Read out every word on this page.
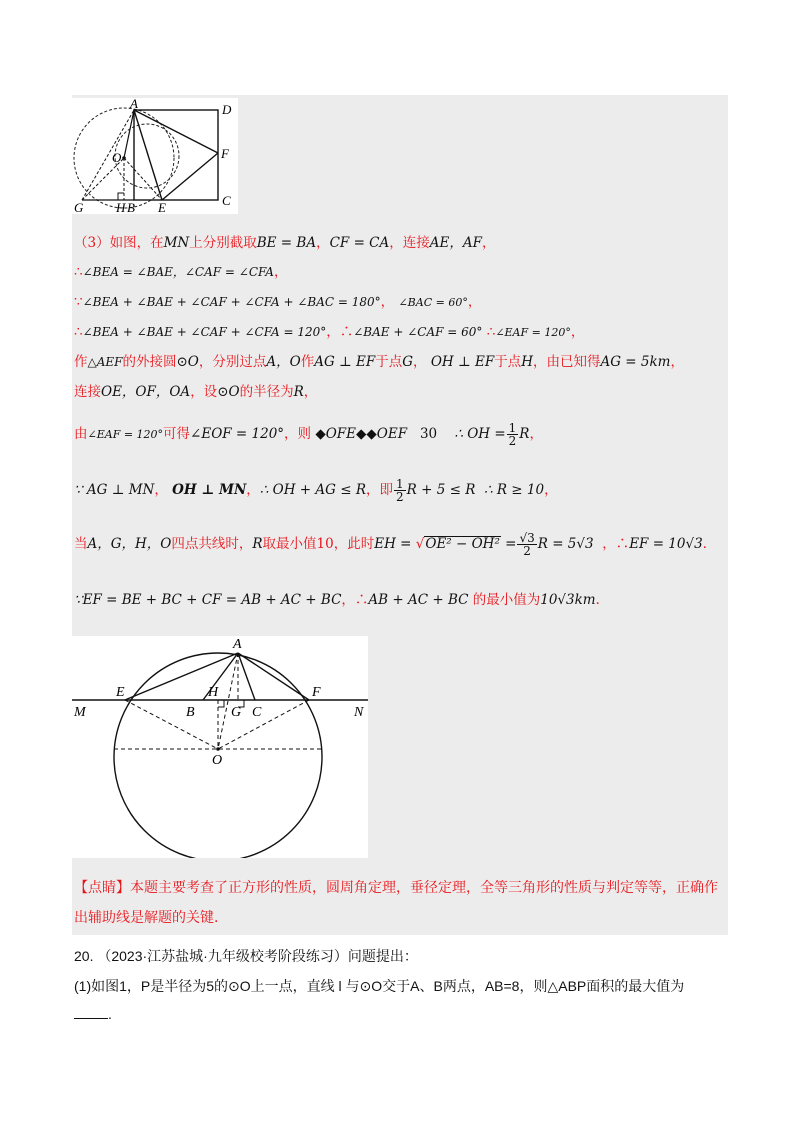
A	D
O	F
G	H B E	C
（3）如图，在MN上分别截取BE = BA，CF = CA，连接AE，AF，
∴∠BEA = ∠BAE，∠CAF = ∠CFA，
∵∠BEA + ∠BAE + ∠CAF + ∠CFA + ∠BAC = 180°， ∠BAC = 60°，
∴∠BEA + ∠BAE + ∠CAF + ∠CFA = 120°，∴∠BAE + ∠CAF = 60° ∴∠EAF = 120°，
作△AEF的外接圆⊙O，分别过点A，O作AG ⊥ EF于点G， OH ⊥ EF于点H，由已知得AG = 5km，
连接OE，OF，OA，设⊙O的半径为R，
由∠EAF = 120°可得∠EOF = 120°，则 ◆OFE◆◆OEF 30 ∴ OH = $\frac{1}{2}$ R，
∵ AG ⊥ MN， OH ⊥ MN，∴ OH + AG ≤ R，即 $\frac{1}{2}$ R + 5 ≤ R ∴ R ≥ 10，
当A，G，H，O四点共线时，R取最小值10，此时EH = $√OE^2 - OH^2 = \frac{√3}{2}$ R = 5√3 ，∴EF = 10√3．
∵EF = BE + BC + CF = AB + AC + BC，∴AB + AC + BC 的最小值为10√3km．
A
E	F
M	N
H
B	G C
O
【点睛】本题主要考查了正方形的性质，圆周角定理，垂径定理，全等三角形的性质与判定等等，正确作
出辅助线是解题的关键.
20. （2023·江苏盐城·九年级校考阶段练习）问题提出：
(1)如图1，P是半径为5的⊙O上一点，直线 l 与⊙O交于A、B两点，AB=8，则△ABP面积的最大值为
.
